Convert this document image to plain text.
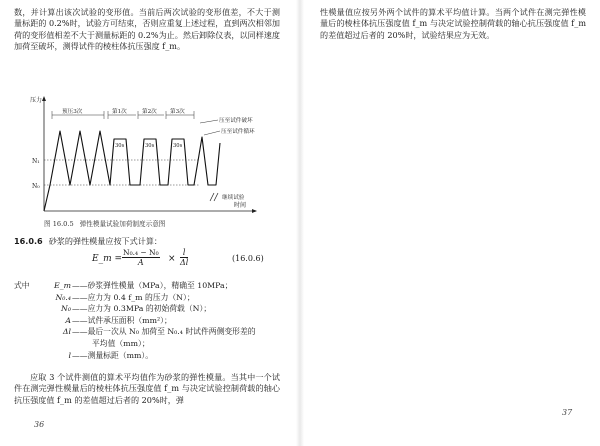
数，并计算出该次试验的变形值。当前后两次试验的变形值差，不大于测量标距的 0.2%时，试验方可结束，否则应重复上述过程，直到两次相邻加荷的变形值相差不大于测量标距的 0.2%为止。然后卸除仪表，以同样速度加荷至破坏，测得试件的棱柱体抗压强度 f_m。

压力
时间
N₁
N₀
预压3次	第1次	第2次 第3次
30s	30s	30s
压至试件破坏
压至试件循环
继续试验
图 16.0.5 弹性模量试验加荷制度示意图
16.0.6 砂浆的弹性模量应按下式计算：
E_m = $\frac{\text{N₀.₄ − N₀}}{A} \times \frac{l}{\Delta l}$	(16.0.6)
式中	E_m ——砂浆弹性模量（MPa），精确至 10MPa；
N₀.₄ ——应力为 0.4 f_m 的压力（N）；
N₀ ——应力为 0.3MPa 的初始荷载（N）；
A ——试件承压面积（mm²）；
Δl ——最后一次从 N₀ 加荷至 N₀.₄ 时试件两侧变形差的
平均值（mm）；
l ——测量标距（mm）。

应取 3 个试件测值的算术平均值作为砂浆的弹性模量。当其中一个试件在测完弹性模量后的棱柱体抗压强度值 f_m 与决定试验控制荷载的轴心抗压强度值 f_m 的差值超过后者的 20%时，弹

36

性模量值应按另外两个试件的算术平均值计算。当两个试件在测完弹性模量后的棱柱体抗压强度值 f_m 与决定试验控制荷载的轴心抗压强度值 f_m 的差值超过后者的 20%时，试验结果应为无效。

37
